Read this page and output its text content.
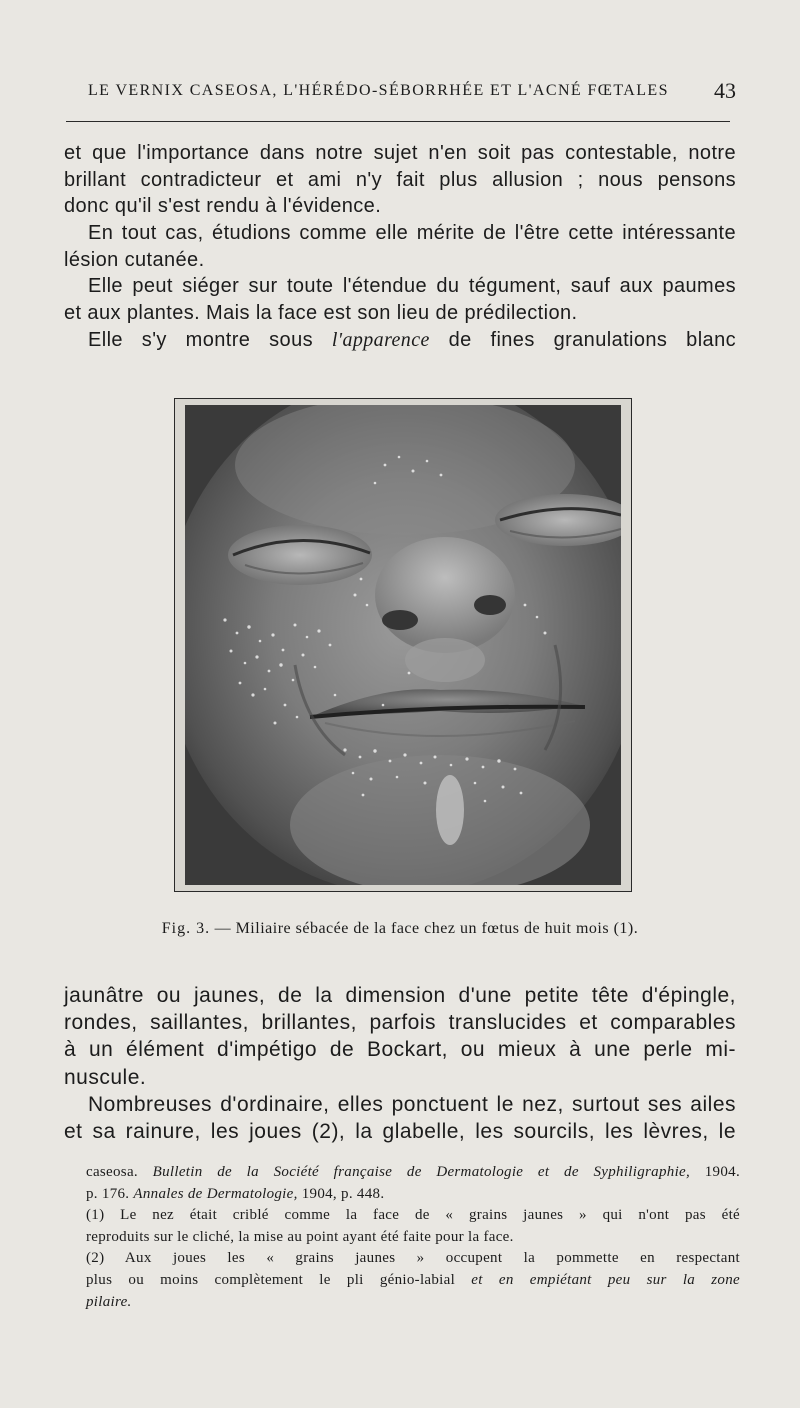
LE VERNIX CASEOSA, L'HÉRÉDO-SÉBORRHÉE ET L'ACNÉ FŒTALES 43
et que l'importance dans notre sujet n'en soit pas contestable, notre
brillant contradicteur et ami n'y fait plus allusion ; nous pensons
donc qu'il s'est rendu à l'évidence.
En tout cas, étudions comme elle mérite de l'être cette intéressante
lésion cutanée.
Elle peut siéger sur toute l'étendue du tégument, sauf aux paumes
et aux plantes. Mais la face est son lieu de prédilection.
Elle s'y montre sous l'apparence de fines granulations blanc
Fig. 3. — Miliaire sébacée de la face chez un fœtus de huit mois (1).
jaunâtre ou jaunes, de la dimension d'une petite tête d'épingle,
rondes, saillantes, brillantes, parfois translucides et comparables
à un élément d'impétigo de Bockart, ou mieux à une perle mi-
nuscule.
Nombreuses d'ordinaire, elles ponctuent le nez, surtout ses ailes
et sa rainure, les joues (2), la glabelle, les sourcils, les lèvres, le
caseosa. Bulletin de la Société française de Dermatologie et de Syphiligraphie, 1904.
p. 176. Annales de Dermatologie, 1904, p. 448.
(1) Le nez était criblé comme la face de « grains jaunes » qui n'ont pas été
reproduits sur le cliché, la mise au point ayant été faite pour la face.
(2) Aux joues les « grains jaunes » occupent la pommette en respectant
plus ou moins complètement le pli génio-labial et en empiétant peu sur la zone
pilaire.
